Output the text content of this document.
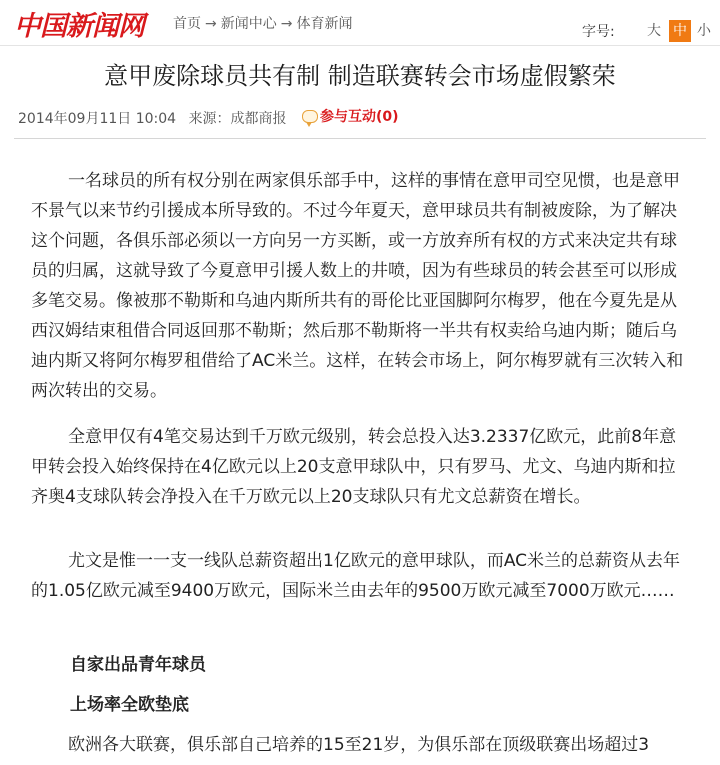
中国新闻网 首页 → 新闻中心 → 体育新闻	字号: 大 中 小
意甲废除球员共有制 制造联赛转会市场虚假繁荣
2014年09月11日 10:04 来源：成都商报	参与互动(0)

一名球员的所有权分别在两家俱乐部手中，这样的事情在意甲司空见惯，也是意甲不景气以来节约引援成本所导致的。不过今年夏天，意甲球员共有制被废除，为了解决这个问题，各俱乐部必须以一方向另一方买断，或一方放弃所有权的方式来决定共有球员的归属，这就导致了今夏意甲引援人数上的井喷，因为有些球员的转会甚至可以形成多笔交易。像被那不勒斯和乌迪内斯所共有的哥伦比亚国脚阿尔梅罗，他在今夏先是从西汉姆结束租借合同返回那不勒斯；然后那不勒斯将一半共有权卖给乌迪内斯；随后乌迪内斯又将阿尔梅罗租借给了AC米兰。这样，在转会市场上，阿尔梅罗就有三次转入和两次转出的交易。

全意甲仅有4笔交易达到千万欧元级别，转会总投入达3.2337亿欧元，此前8年意甲转会投入始终保持在4亿欧元以上20支意甲球队中，只有罗马、尤文、乌迪内斯和拉齐奥4支球队转会净投入在千万欧元以上20支球队只有尤文总薪资在增长。

尤文是惟一一支一线队总薪资超出1亿欧元的意甲球队，而AC米兰的总薪资从去年的1.05亿欧元减至9400万欧元，国际米兰由去年的9500万欧元减至7000万欧元……

自家出品青年球员
上场率全欧垫底

欧洲各大联赛，俱乐部自己培养的15至21岁，为俱乐部在顶级联赛出场超过3
